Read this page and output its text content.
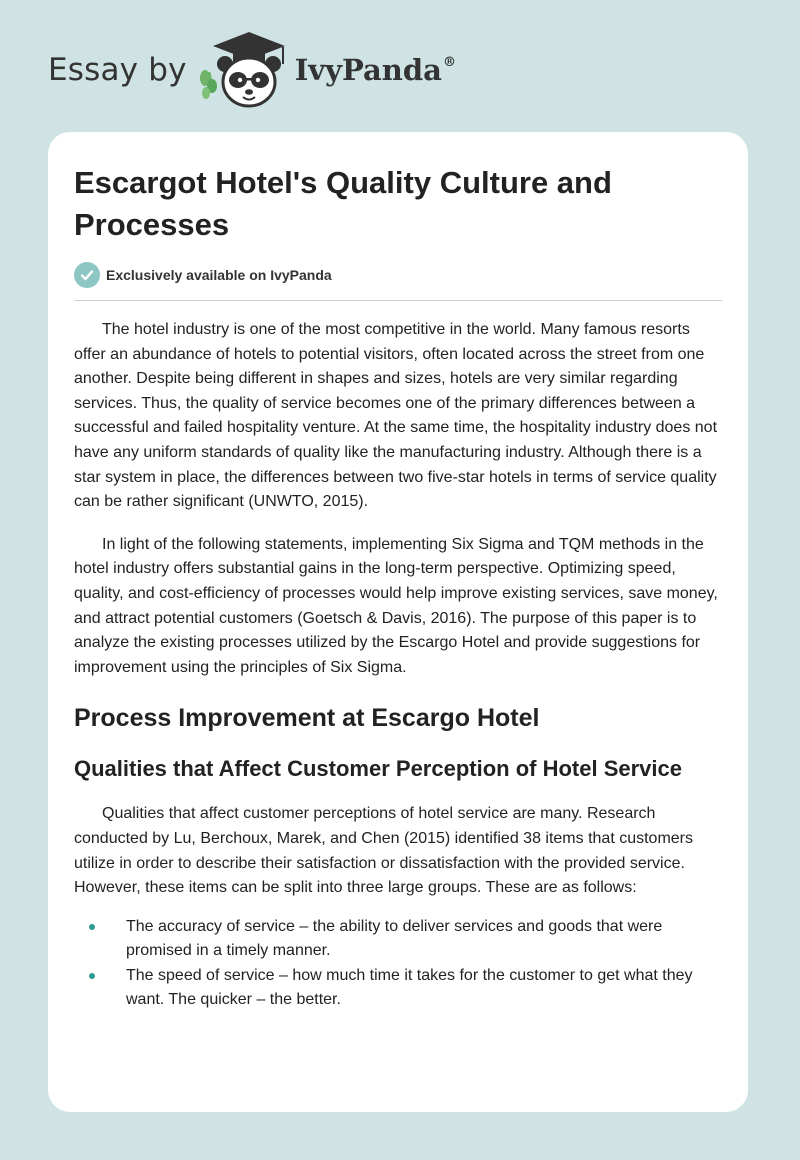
Essay by	IvyPanda®
Escargot Hotel's Quality Culture and Processes
Exclusively available on IvyPanda

The hotel industry is one of the most competitive in the world. Many famous resorts offer an abundance of hotels to potential visitors, often located across the street from one another. Despite being different in shapes and sizes, hotels are very similar regarding services. Thus, the quality of service becomes one of the primary differences between a successful and failed hospitality venture. At the same time, the hospitality industry does not have any uniform standards of quality like the manufacturing industry. Although there is a star system in place, the differences between two five-star hotels in terms of service quality can be rather significant (UNWTO, 2015).

In light of the following statements, implementing Six Sigma and TQM methods in the hotel industry offers substantial gains in the long-term perspective. Optimizing speed, quality, and cost-efficiency of processes would help improve existing services, save money, and attract potential customers (Goetsch & Davis, 2016). The purpose of this paper is to analyze the existing processes utilized by the Escargo Hotel and provide suggestions for improvement using the principles of Six Sigma.

Process Improvement at Escargo Hotel
Qualities that Affect Customer Perception of Hotel Service

Qualities that affect customer perceptions of hotel service are many. Research conducted by Lu, Berchoux, Marek, and Chen (2015) identified 38 items that customers utilize in order to describe their satisfaction or dissatisfaction with the provided service. However, these items can be split into three large groups. These are as follows:

The accuracy of service – the ability to deliver services and goods that were promised in a timely manner.
The speed of service – how much time it takes for the customer to get what they want. The quicker – the better.
